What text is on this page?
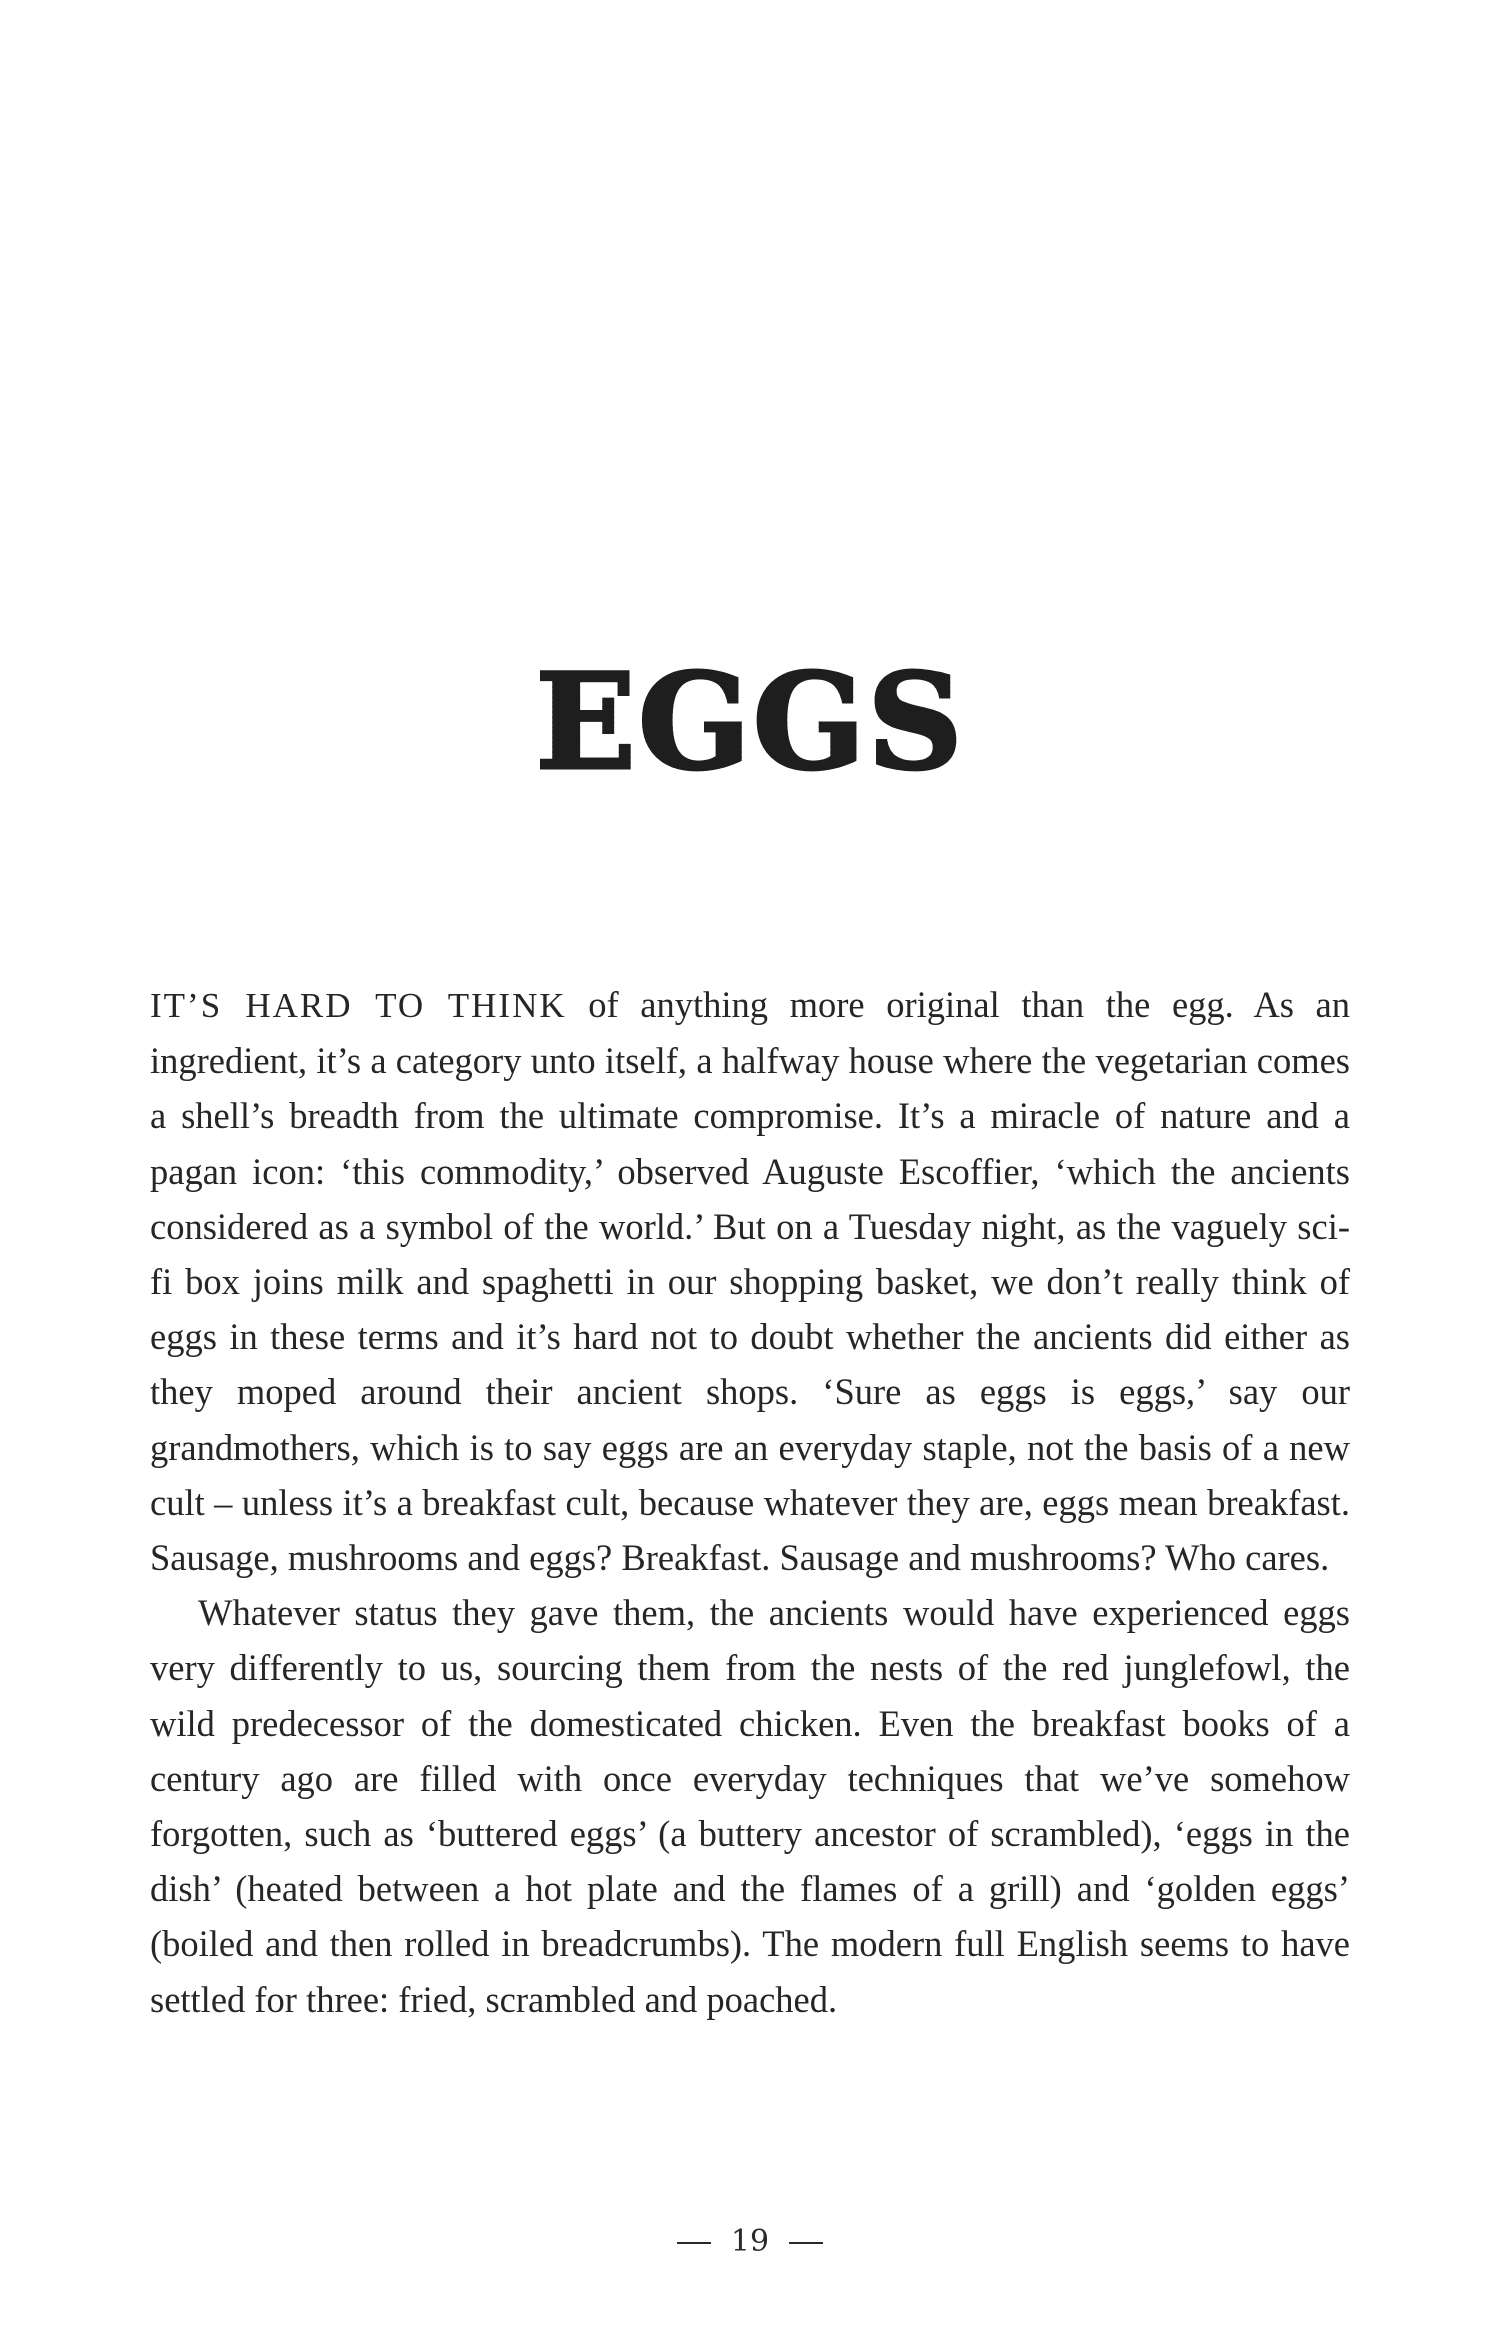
EGGS

IT’S HARD TO THINK of anything more original than the egg. As an ingredient, it’s a category unto itself, a halfway house where the vegetarian comes a shell’s breadth from the ultimate compromise. It’s a miracle of nature and a pagan icon: ‘this commodity,’ observed Auguste Escoffier, ‘which the ancients considered as a symbol of the world.’ But on a Tuesday night, as the vaguely sci-fi box joins milk and spaghetti in our shopping basket, we don’t really think of eggs in these terms and it’s hard not to doubt whether the ancients did either as they moped around their ancient shops. ‘Sure as eggs is eggs,’ say our grandmothers, which is to say eggs are an everyday staple, not the basis of a new cult – unless it’s a breakfast cult, because whatever they are, eggs mean breakfast. Sausage, mushrooms and eggs? Breakfast. Sausage and mushrooms? Who cares.

Whatever status they gave them, the ancients would have experienced eggs very differently to us, sourcing them from the nests of the red junglefowl, the wild predecessor of the domesticated chicken. Even the breakfast books of a century ago are filled with once everyday techniques that we’ve somehow forgotten, such as ‘buttered eggs’ (a buttery ancestor of scrambled), ‘eggs in the dish’ (heated between a hot plate and the flames of a grill) and ‘golden eggs’ (boiled and then rolled in breadcrumbs). The modern full English seems to have settled for three: fried, scrambled and poached.

19
